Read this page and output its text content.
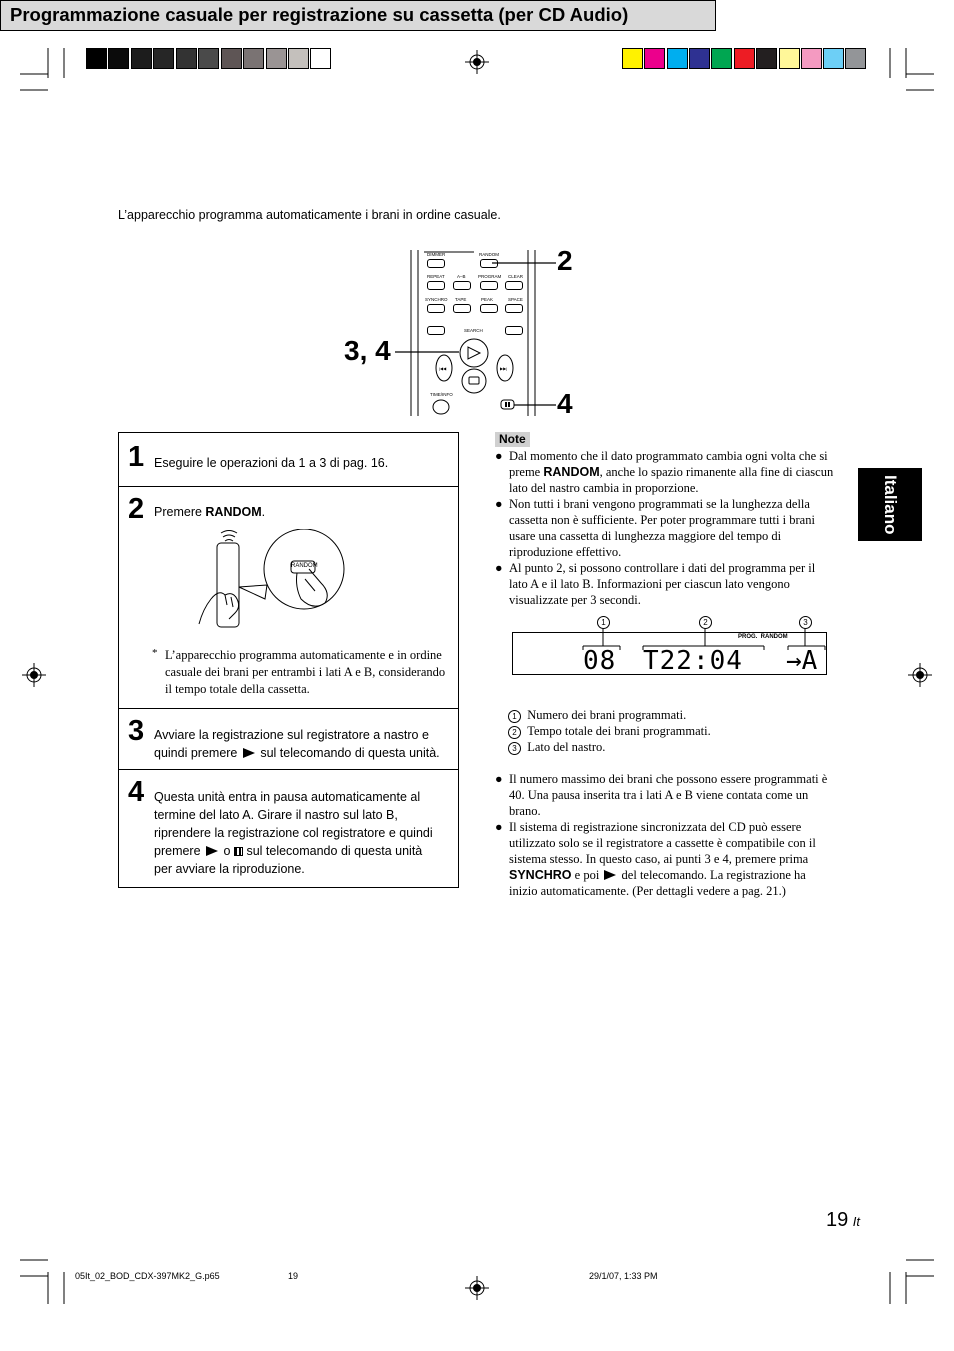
Programmazione casuale per registrazione su cassetta (per CD Audio)
L’apparecchio programma automaticamente i brani in ordine casuale.
|◀◀	▶▶|
DIMMER	RANDOM
REPEAT	A–B	PROGRAM CLEAR
SYNCHRO TAPE	PEAK	SPACE
SEARCH
TIME/INFO
2
3, 4
4
1 Eseguire le operazioni da 1 a 3 di pag. 16.
2 Premere RANDOM.
RANDOM
* L’apparecchio programma automaticamente e in ordine casuale dei brani per entrambi i lati A e B, considerando il tempo totale della cassetta.
3 Avviare la registrazione sul registratore a nastro e
quindi premere sul telecomando di questa unità.
4 Questa unità entra in pausa automaticamente al
termine del lato A. Girare il nastro sul lato B,
riprendere la registrazione col registratore e quindi
premere o sul telecomando di questa unità
per avviare la riproduzione.
Note
● Dal momento che il dato programmato cambia ogni volta che si preme RANDOM, anche lo spazio rimanente alla fine di ciascun lato del nastro cambia in proporzione.
● Non tutti i brani vengono programmati se la lunghezza della cassetta non è sufficiente. Per poter programmare tutti i brani usare una cassetta di lunghezza maggiore del tempo di riproduzione effettivo.
● Al punto 2, si possono controllare i dati del programma per il lato A e il lato B. Informazioni per ciascun lato vengono visualizzate per 3 secondi.
1	2	3
PROG.  RANDOM
08 T22:04 →A
1 Numero dei brani programmati.
2 Tempo totale dei brani programmati.
3 Lato del nastro.
● Il numero massimo dei brani che possono essere programmati è 40. Una pausa inserita tra i lati A e B viene contata come un brano.
● Il sistema di registrazione sincronizzata del CD può essere utilizzato solo se il registratore a cassette è compatibile con il sistema stesso. In questo caso, ai punti 3 e 4, premere prima SYNCHRO e poi  del telecomando. La registrazione ha inizio automaticamente. (Per dettagli vedere a pag. 21.)
Italiano
19 It
05It_02_BOD_CDX-397MK2_G.p65	19	29/1/07, 1:33 PM
